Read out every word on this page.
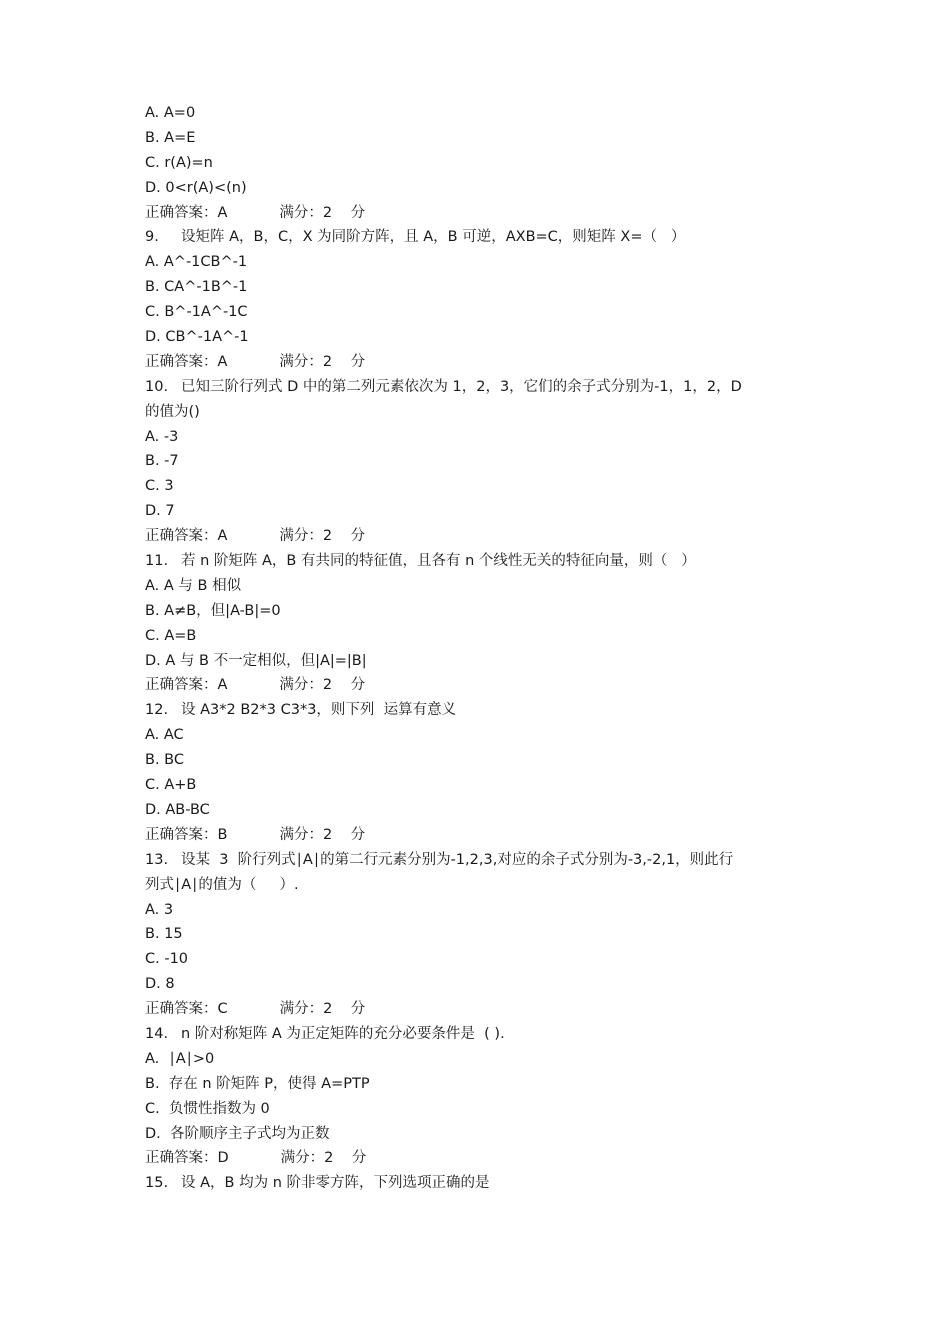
A. A=0
B. A=E
C. r(A)=n
D. 0<r(A)<(n)
正确答案：A	满分：2 分
9. 设矩阵 A，B，C，X 为同阶方阵，且 A，B 可逆，AXB=C，则矩阵 X=（   ）
A. A^-1CB^-1
B. CA^-1B^-1
C. B^-1A^-1C
D. CB^-1A^-1
正确答案：A	满分：2 分
10. 已知三阶行列式 D 中的第二列元素依次为 1，2，3，它们的余子式分别为-1，1，2，D
的值为()
A. -3
B. -7
C. 3
D. 7
正确答案：A	满分：2 分
11. 若 n 阶矩阵 A，B 有共同的特征值，且各有 n 个线性无关的特征向量，则（   ）
A. A 与 B 相似
B. A≠B，但|A-B|=0
C. A=B
D. A 与 B 不一定相似，但|A|=|B|
正确答案：A	满分：2 分
12. 设 A3*2 B2*3 C3*3，则下列  运算有意义
A. AC
B. BC
C. A+B
D. AB-BC
正确答案：B	满分：2 分
13. 设某  3  阶行列式∣A∣的第二行元素分别为-1,2,3,对应的余子式分别为-3,-2,1，则此行
列式∣A∣的值为（     ）.
A. 3
B. 15
C. -10
D. 8
正确答案：C	满分：2 分
14. n 阶对称矩阵 A 为正定矩阵的充分必要条件是  ( ).
A.  ∣A∣>0
B.  存在 n 阶矩阵 P，使得 A=PTP
C.  负惯性指数为 0
D.  各阶顺序主子式均为正数
正确答案：D	满分：2 分
15. 设 A，B 均为 n 阶非零方阵，下列选项正确的是
